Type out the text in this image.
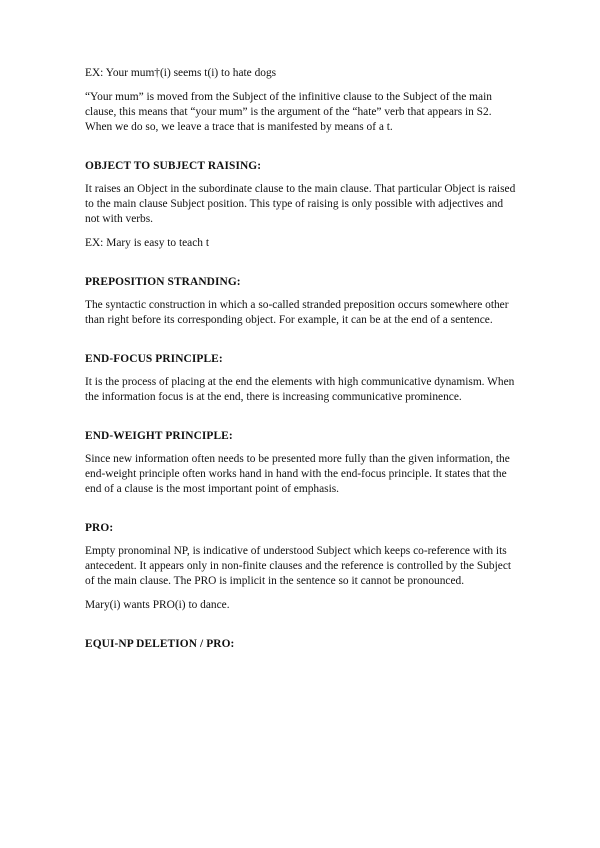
EX: Your mum†(i) seems t(i) to hate dogs

“Your mum” is moved from the Subject of the infinitive clause to the Subject of the main clause, this means that “your mum” is the argument of the “hate” verb that appears in S2. When we do so, we leave a trace that is manifested by means of a t.

OBJECT TO SUBJECT RAISING:

It raises an Object in the subordinate clause to the main clause. That particular Object is raised to the main clause Subject position. This type of raising is only possible with adjectives and not with verbs.

EX: Mary is easy to teach t

PREPOSITION STRANDING:

The syntactic construction in which a so-called stranded preposition occurs somewhere other than right before its corresponding object. For example, it can be at the end of a sentence.

END-FOCUS PRINCIPLE:

It is the process of placing at the end the elements with high communicative dynamism. When the information focus is at the end, there is increasing communicative prominence.

END-WEIGHT PRINCIPLE:

Since new information often needs to be presented more fully than the given information, the end-weight principle often works hand in hand with the end-focus principle. It states that the end of a clause is the most important point of emphasis.

PRO:

Empty pronominal NP, is indicative of understood Subject which keeps co-reference with its antecedent. It appears only in non-finite clauses and the reference is controlled by the Subject of the main clause. The PRO is implicit in the sentence so it cannot be pronounced.

Mary(i) wants PRO(i) to dance.

EQUI-NP DELETION / PRO:
